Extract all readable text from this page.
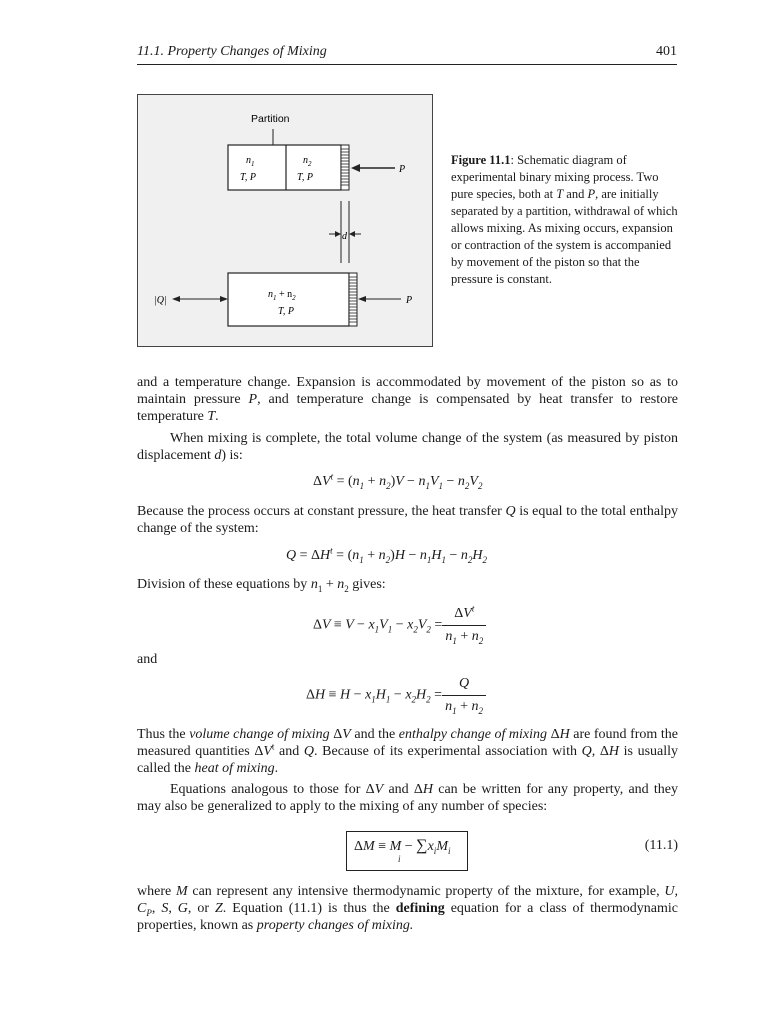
11.1. Property Changes of Mixing	401
Partition
$n_1$
T, P
$n_2$
T, P
P
d
$n_1 + n_2$
T, P
P
|Q|
Figure 11.1: Schematic diagram of experimental binary mixing process. Two pure species, both at T and P, are initially separated by a partition, withdrawal of which allows mixing. As mixing occurs, expansion or contraction of the system is accompanied by movement of the piston so that the pressure is constant.
and a temperature change. Expansion is accommodated by movement of the piston so as to maintain pressure P, and temperature change is compensated by heat transfer to restore temperature T.
When mixing is complete, the total volume change of the system (as measured by piston displacement d) is:
$\Delta V^t = (n_1 + n_2)V - n_1V_1 - n_2V_2$
Because the process occurs at constant pressure, the heat transfer Q is equal to the total enthalpy change of the system:
$Q = \Delta H^t = (n_1 + n_2)H - n_1H_1 - n_2H_2$
Division of these equations by $n_1 + n_2$ gives:
$\Delta V \equiv V - x_1V_1 - x_2V_2 = \frac{\Delta V^t}{n_1 + n_2}$
and
$\Delta H \equiv H - x_1H_1 - x_2H_2 = \frac{Q}{n_1 + n_2}$
Thus the volume change of mixing ΔV and the enthalpy change of mixing ΔH are found from the measured quantities $\Delta V^t$ and Q. Because of its experimental association with Q, ΔH is usually called the heat of mixing.
Equations analogous to those for ΔV and ΔH can be written for any property, and they may also be generalized to apply to the mixing of any number of species:
$\Delta M \equiv M - \sum x_iM_i$
i
(11.1)
where M can represent any intensive thermodynamic property of the mixture, for example, U, $C_P$, S, G, or Z. Equation (11.1) is thus the defining equation for a class of thermodynamic properties, known as property changes of mixing.
